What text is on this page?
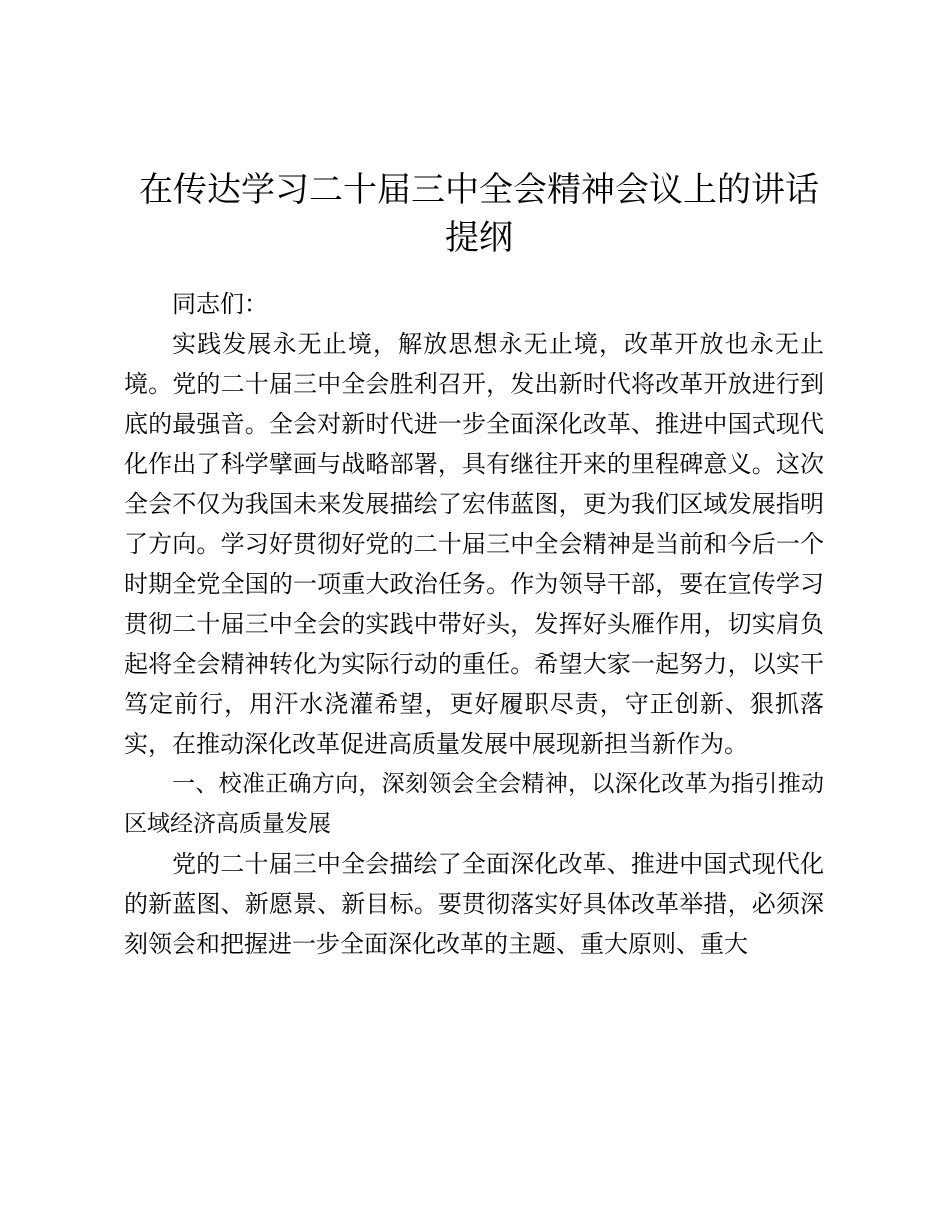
在传达学习二十届三中全会精神会议上的讲话
提纲

同志们：

实践发展永无止境，解放思想永无止境，改革开放也永无止境。党的二十届三中全会胜利召开，发出新时代将改革开放进行到底的最强音。全会对新时代进一步全面深化改革、推进中国式现代化作出了科学擘画与战略部署，具有继往开来的里程碑意义。这次全会不仅为我国未来发展描绘了宏伟蓝图，更为我们区域发展指明了方向。学习好贯彻好党的二十届三中全会精神是当前和今后一个时期全党全国的一项重大政治任务。作为领导干部，要在宣传学习贯彻二十届三中全会的实践中带好头，发挥好头雁作用，切实肩负起将全会精神转化为实际行动的重任。希望大家一起努力，以实干笃定前行，用汗水浇灌希望，更好履职尽责，守正创新、狠抓落实，在推动深化改革促进高质量发展中展现新担当新作为。

一、校准正确方向，深刻领会全会精神，以深化改革为指引推动区域经济高质量发展

党的二十届三中全会描绘了全面深化改革、推进中国式现代化的新蓝图、新愿景、新目标。要贯彻落实好具体改革举措，必须深刻领会和把握进一步全面深化改革的主题、重大原则、重大
